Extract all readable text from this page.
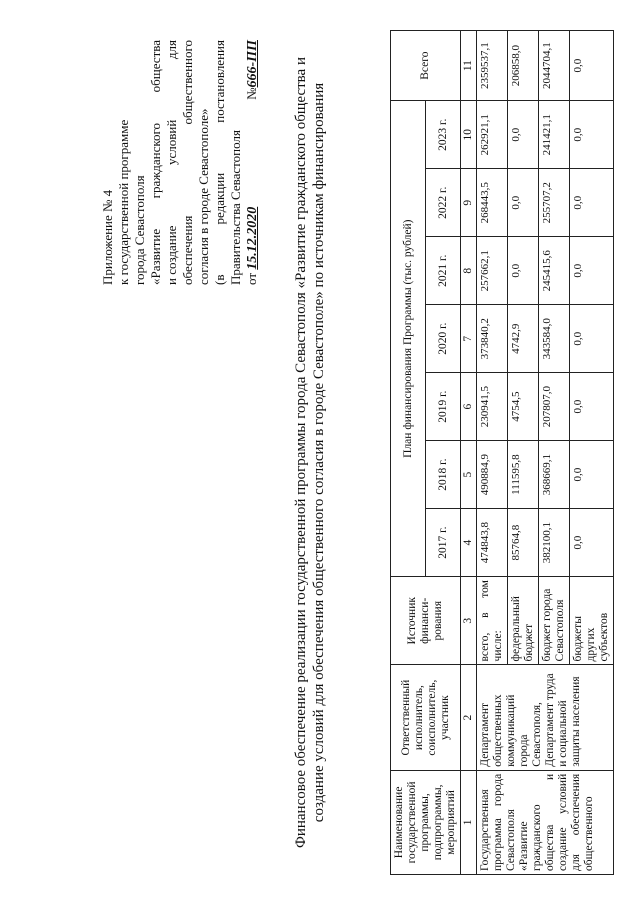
Приложение № 4 к государственной программе города Севастополя «Развитие
гражданского
общества
и создание
условий
для
обеспечения
общественного
согласия в городе Севастополе» (в
редакции
постановления
Правительства Севастополя от 15.12.2020
№666-ПП Финансовое обеспечение реализации государственной программы города Севастополя «Развитие гражданского общества и создание условий для обеспечения общественного согласия в городе Севастополе» по источникам финансирования
Наименование государственной программы, подпрограммы, мероприятий	Ответственный исполнитель, соисполнитель, участник	Источник финанси-рования	План финансирования Программы (тыс. рублей)							Всего
			2017 г.	2018 г.	2019 г.	2020 г.	2021 г.	2022 г.	2023 г.	
1	2	3	4	5	6	7	8	9	10	11
Государственная программа города Севастополя «Развитие гражданского общества и создание условий для обеспечения общественного	Департамент общественных коммуникаций города Севастополя, Департамент труда и социальной защиты населения	всего, в том числе:	474843,8	490884,9	230941,5	373840,2	257662,1	268443,5	262921,1	2359537,1
		федеральный бюджет	85764,8	111595,8	4754,5	4742,9	0,0	0,0	0,0	206858,0
		бюджет города Севастополя	382100,1	368669,1	207807,0	343584,0	245415,6	255707,2	241421,1	2044704,1
		бюджеты других субъектов	0,0	0,0	0,0	0,0	0,0	0,0	0,0	0,0
